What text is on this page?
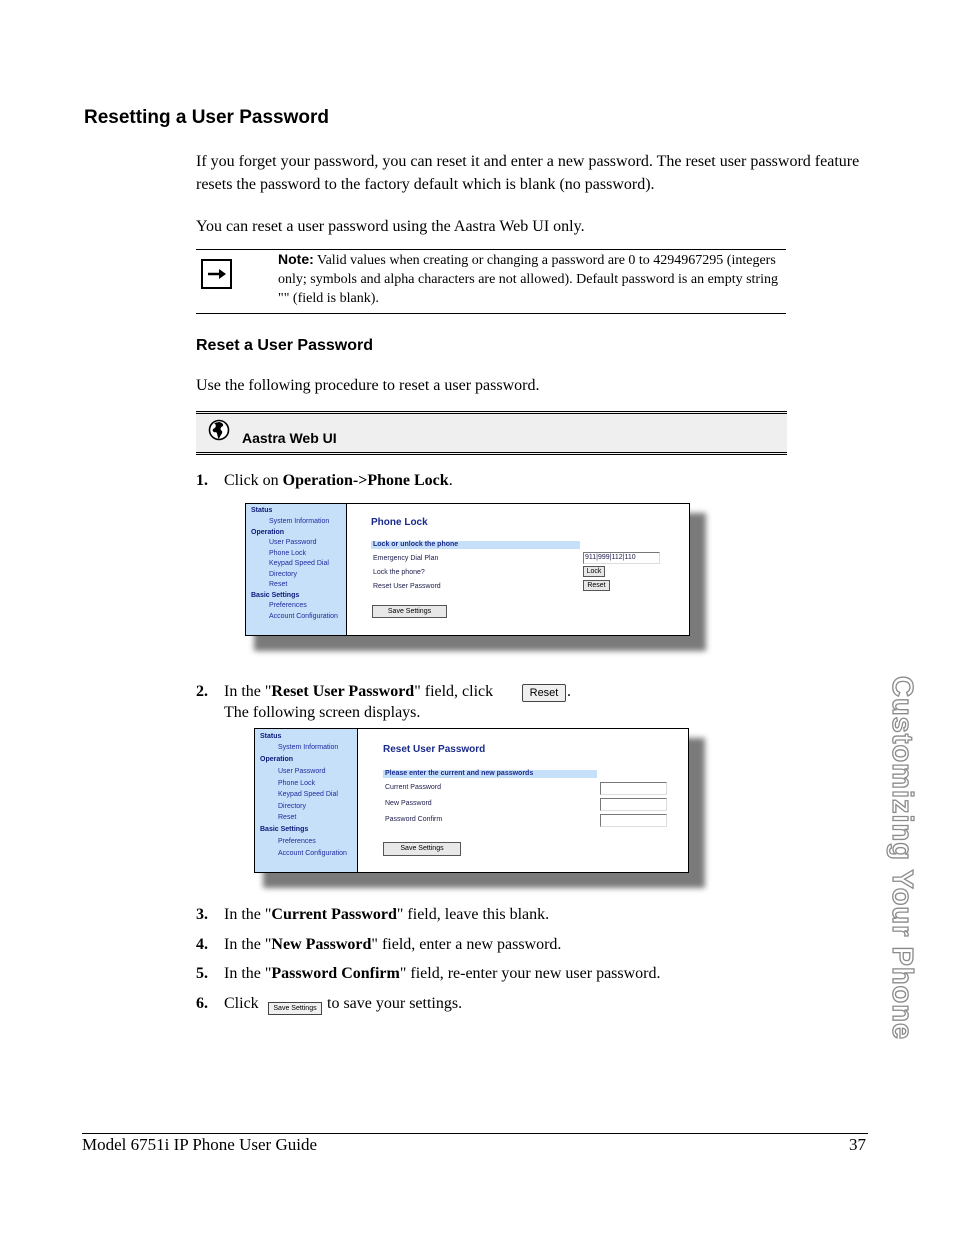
Resetting a User Password
If you forget your password, you can reset it and enter a new password. The reset user password feature resets the password to the factory default which is blank (no password).
You can reset a user password using the Aastra Web UI only.
Note: Valid values when creating or changing a password are 0 to 4294967295 (integers only; symbols and alpha characters are not allowed). Default password is an empty string "" (field is blank).
Reset a User Password
Use the following procedure to reset a user password.
Aastra Web UI
1. Click on Operation->Phone Lock.
Status
System Information
Operation
User Password
Phone Lock
Keypad Speed Dial
Directory
Reset
Basic Settings
Preferences
Account Configuration
Phone Lock
Lock or unlock the phone
Emergency Dial Plan	911|999|112|110
Lock the phone?	Lock
Reset User Password	Reset
Save Settings
2. In the "Reset User Password" field, click	Reset .
The following screen displays.
Status
System Information
Operation
User Password
Phone Lock
Keypad Speed Dial
Directory
Reset
Basic Settings
Preferences
Account Configuration
Reset User Password
Please enter the current and new passwords
Current Password
New Password
Password Confirm
Save Settings
3. In the "Current Password" field, leave this blank.
4. In the "New Password" field, enter a new password.
5. In the "Password Confirm" field, re-enter your new user password.
6. Click	Save Settings to save your settings.	Customizing Your Phone
Model 6751i IP Phone User Guide	37
